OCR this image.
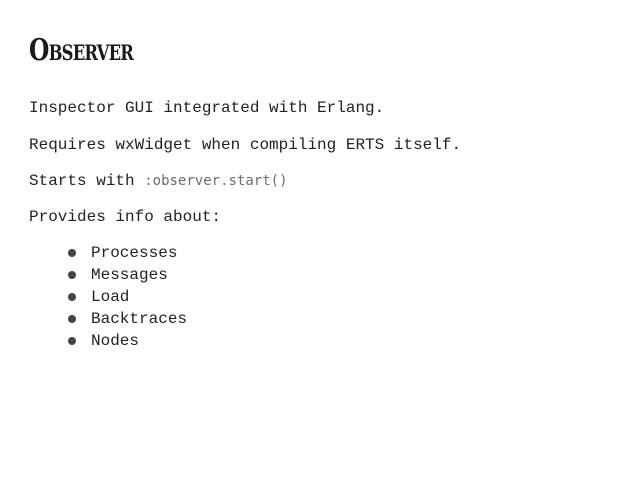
Observer

Inspector GUI integrated with Erlang.

Requires wxWidget when compiling ERTS itself.

Starts with :observer.start()

Provides info about:

Processes
Messages
Load
Backtraces
Nodes
